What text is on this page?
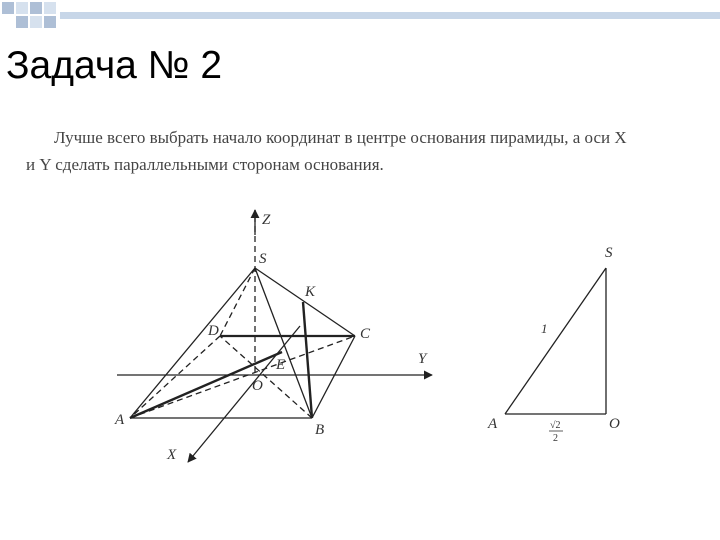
Задача № 2

Лучше всего выбрать начало координат в центре основания пирамиды, а оси X

и Y сделать параллельными сторонам основания.

Z
S
K
D	C
Y
E
O
A
B
X
S
1
A	O
√2
2
